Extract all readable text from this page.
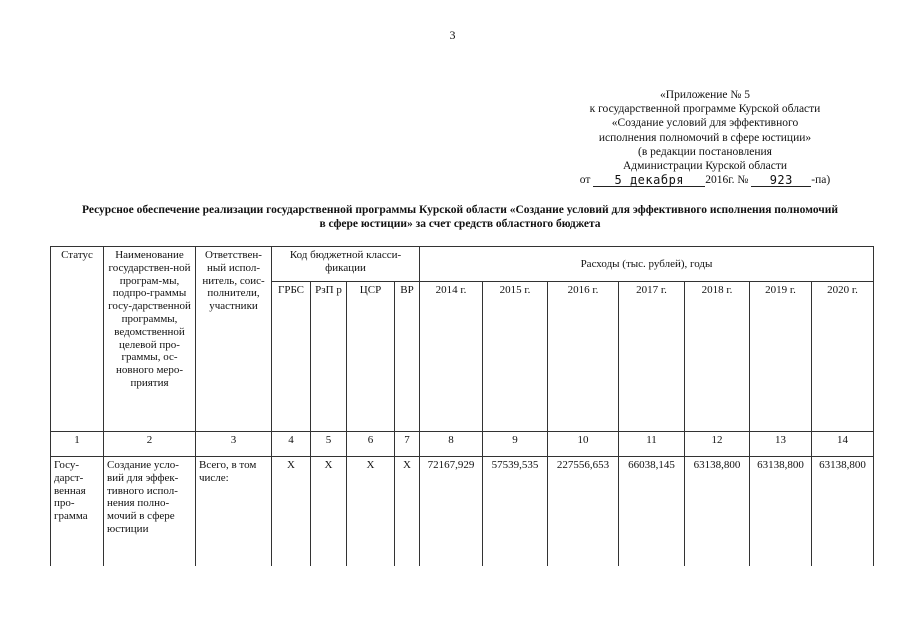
3
«Приложение № 5
к государственной программе Курской области
«Создание условий для эффективного
исполнения полномочий в сфере юстиции»
(в редакции постановления
Администрации Курской области
от 5 декабря 2016г. № 923 -па)
Ресурсное обеспечение реализации государственной программы Курской области «Создание условий для эффективного исполнения полномочий в сфере юстиции» за счет средств областного бюджета
Статус	Наименование государствен-ной програм-мы, подпро-граммы госу-дарственной программы, ведомственной целевой про-граммы, ос-новного меро-приятия	Ответствен-ный испол-нитель, соис-полнители, участники	Код бюджетной класси-фикации				Расходы (тыс. рублей), годы						
			ГРБС	РзП р	ЦСР	ВР	2014 г.	2015 г.	2016 г.	2017 г.	2018 г.	2019 г.	2020 г.
1	2	3	4	5	6	7	8	9	10	11	12	13	14
Госу-дарст-венная про-грамма	Создание усло-вий для эффек-тивного испол-нения полно-мочий в сфере юстиции	Всего, в том числе:	Х	Х	Х	Х	72167,929	57539,535	227556,653	66038,145	63138,800	63138,800	63138,800
